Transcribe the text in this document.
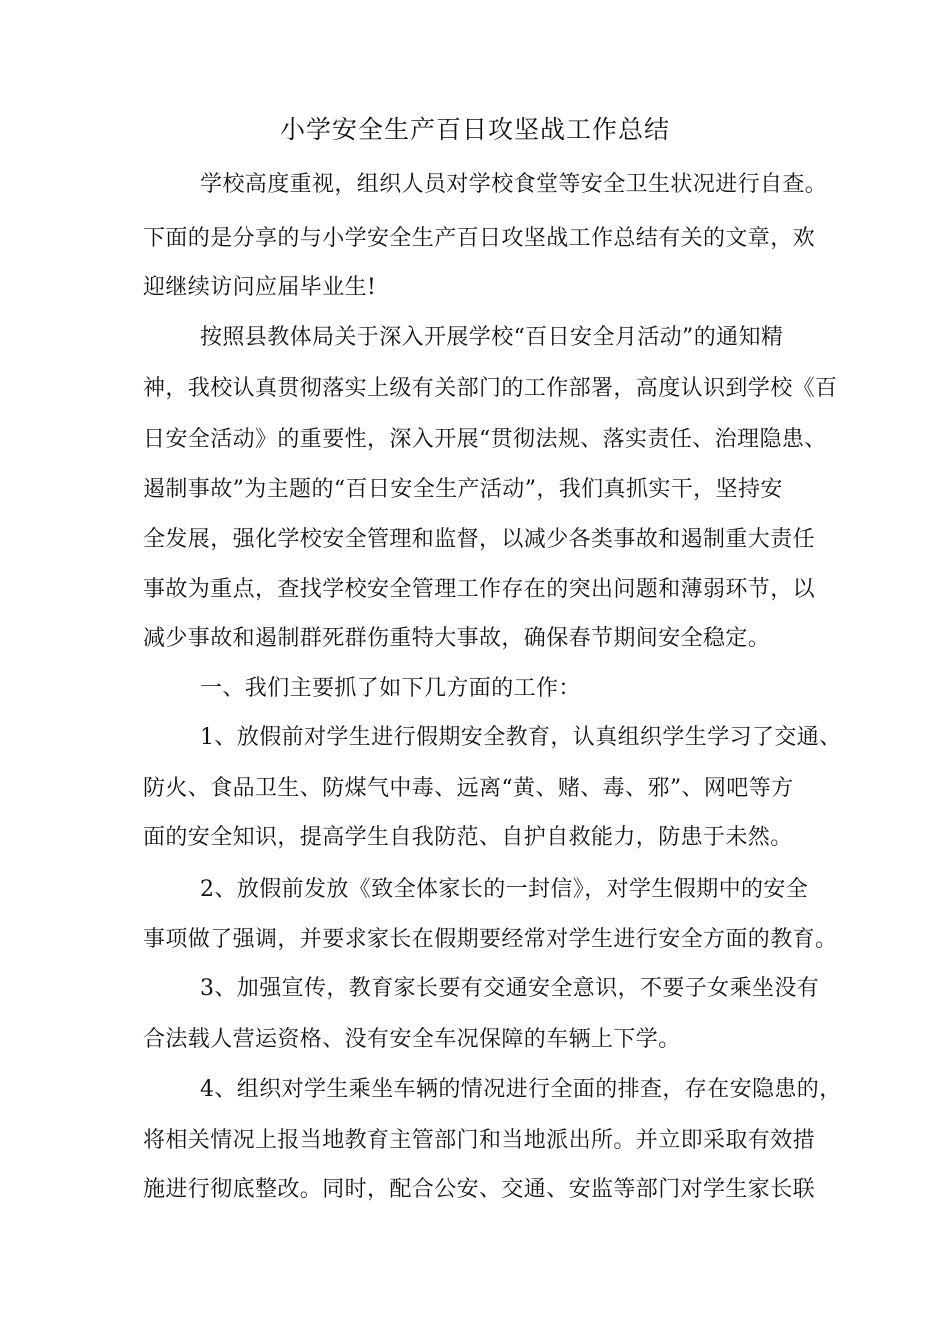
小学安全生产百日攻坚战工作总结
学校高度重视，组织人员对学校食堂等安全卫生状况进行自查。
下面的是分享的与小学安全生产百日攻坚战工作总结有关的文章，欢
迎继续访问应届毕业生!
按照县教体局关于深入开展学校“百日安全月活动”的通知精
神，我校认真贯彻落实上级有关部门的工作部署，高度认识到学校《百
日安全活动》的重要性，深入开展“贯彻法规、落实责任、治理隐患、
遏制事故”为主题的“百日安全生产活动”，我们真抓实干，坚持安
全发展，强化学校安全管理和监督，以减少各类事故和遏制重大责任
事故为重点，查找学校安全管理工作存在的突出问题和薄弱环节，以
减少事故和遏制群死群伤重特大事故，确保春节期间安全稳定。
一、我们主要抓了如下几方面的工作：
1、放假前对学生进行假期安全教育，认真组织学生学习了交通、
防火、食品卫生、防煤气中毒、远离“黄、赌、毒、邪”、网吧等方
面的安全知识，提高学生自我防范、自护自救能力，防患于未然。
2、放假前发放《致全体家长的一封信》，对学生假期中的安全
事项做了强调，并要求家长在假期要经常对学生进行安全方面的教育。
3、加强宣传，教育家长要有交通安全意识，不要子女乘坐没有
合法载人营运资格、没有安全车况保障的车辆上下学。
4、组织对学生乘坐车辆的情况进行全面的排查，存在安隐患的，
将相关情况上报当地教育主管部门和当地派出所。并立即采取有效措
施进行彻底整改。同时，配合公安、交通、安监等部门对学生家长联
